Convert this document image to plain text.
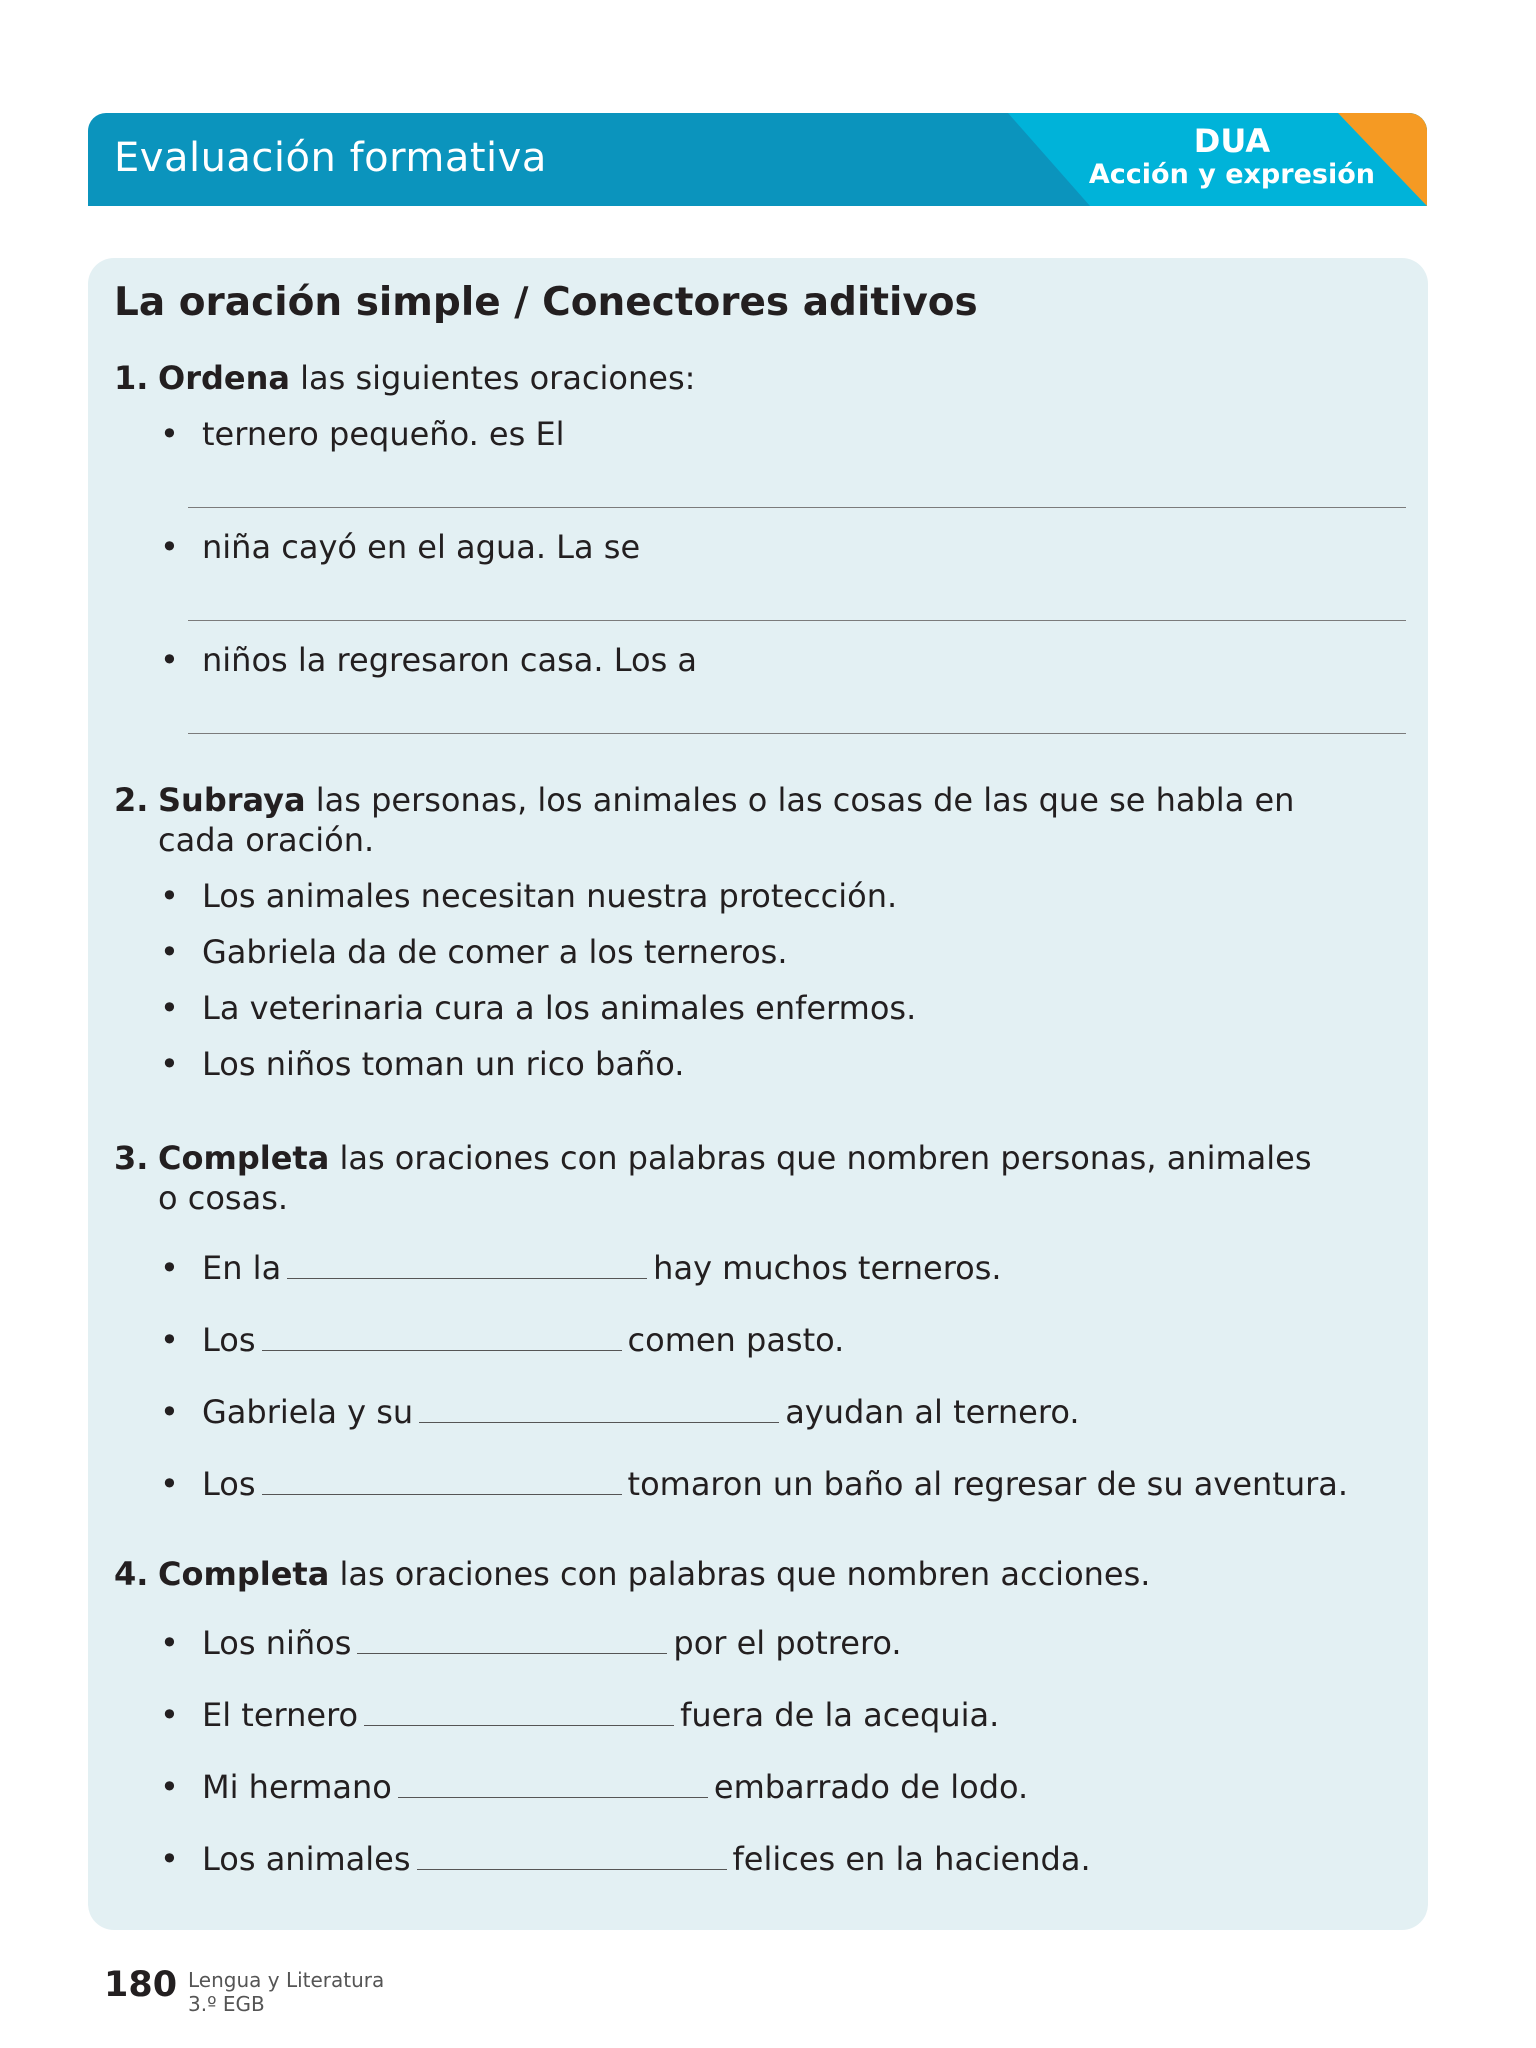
Evaluación formativa	DUA
Acción y expresión
La oración simple / Conectores aditivos
1. Ordena las siguientes oraciones:
• ternero pequeño. es El
• niña cayó en el agua. La se
• niños la regresaron casa. Los a
2. Subraya las personas, los animales o las cosas de las que se habla en
cada oración.
• Los animales necesitan nuestra protección.
• Gabriela da de comer a los terneros.
• La veterinaria cura a los animales enfermos.
• Los niños toman un rico baño.
3. Completa las oraciones con palabras que nombren personas, animales
o cosas.
• En la	hay muchos terneros.
• Los	comen pasto.
• Gabriela y su	ayudan al ternero.
• Los	tomaron un baño al regresar de su aventura.
4. Completa las oraciones con palabras que nombren acciones.
• Los niños	por el potrero.
• El ternero	fuera de la acequia.
• Mi hermano	embarrado de lodo.
• Los animales	felices en la hacienda.
180 Lengua y Literatura
3.º EGB
